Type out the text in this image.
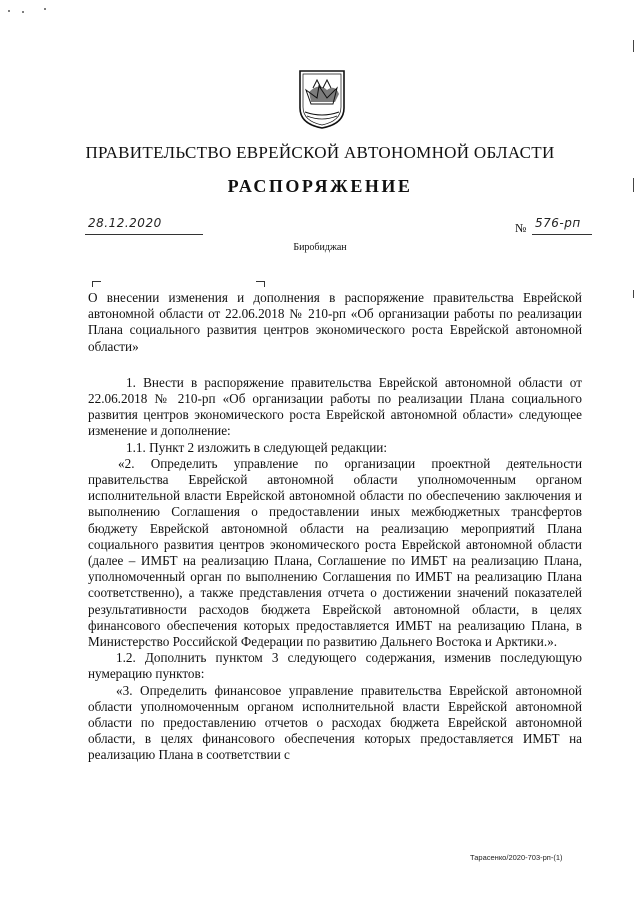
ПРАВИТЕЛЬСТВО ЕВРЕЙСКОЙ АВТОНОМНОЙ ОБЛАСТИ
РАСПОРЯЖЕНИЕ
28.12.2020	№ 576-рп
Биробиджан

О внесении изменения и дополнения в распоряжение правительства Еврейской автономной области от 22.06.2018 № 210-рп «Об организации работы по реализации Плана социального развития центров экономического роста Еврейской автономной области»

1. Внести в распоряжение правительства Еврейской автономной области от 22.06.2018 № 210-рп «Об организации работы по реализации Плана социального развития центров экономического роста Еврейской автономной области» следующее изменение и дополнение:

1.1. Пункт 2 изложить в следующей редакции:

«2. Определить управление по организации проектной деятельности правительства Еврейской автономной области уполномоченным органом исполнительной власти Еврейской автономной области по обеспечению заключения и выполнению Соглашения о предоставлении иных межбюджетных трансфертов бюджету Еврейской автономной области на реализацию мероприятий Плана социального развития центров экономического роста Еврейской автономной области (далее – ИМБТ на реализацию Плана, Соглашение по ИМБТ на реализацию Плана, уполномоченный орган по выполнению Соглашения по ИМБТ на реализацию Плана соответственно), а также представления отчета о достижении значений показателей результативности расходов бюджета Еврейской автономной области, в целях финансового обеспечения которых предоставляется ИМБТ на реализацию Плана, в Министерство Российской Федерации по развитию Дальнего Востока и Арктики.».

1.2. Дополнить пунктом 3 следующего содержания, изменив последующую нумерацию пунктов:

«3. Определить финансовое управление правительства Еврейской автономной области уполномоченным органом исполнительной власти Еврейской автономной области по предоставлению отчетов о расходах бюджета Еврейской автономной области, в целях финансового обеспечения которых предоставляется ИМБТ на реализацию Плана в соответствии с

Тарасенко/2020-703-рп-(1)
